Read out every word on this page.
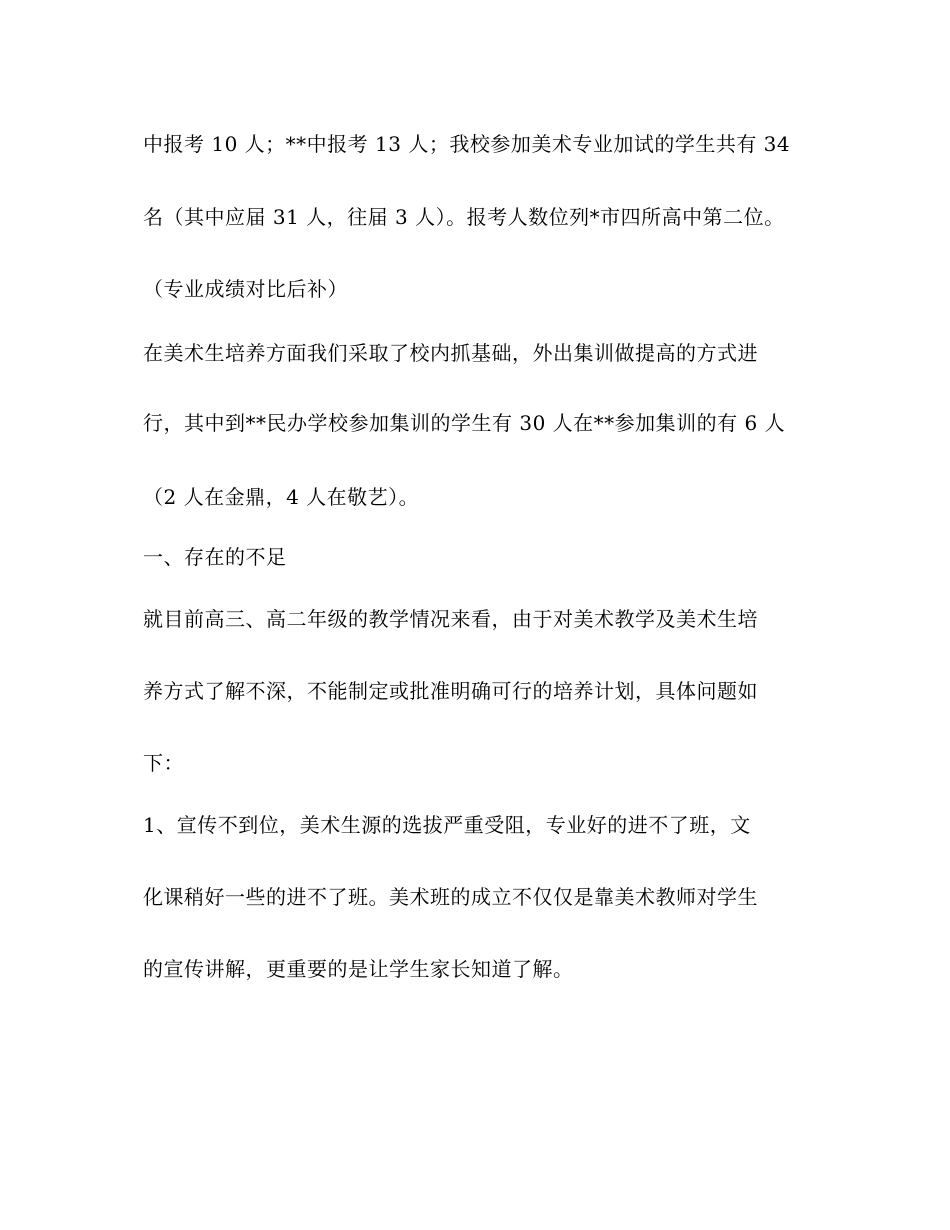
中报考 10 人；**中报考 13 人；我校参加美术专业加试的学生共有 34
名（其中应届 31 人，往届 3 人）。报考人数位列*市四所高中第二位。
（专业成绩对比后补）
在美术生培养方面我们采取了校内抓基础，外出集训做提高的方式进
行，其中到**民办学校参加集训的学生有 30 人在**参加集训的有 6 人
（2 人在金鼎，4 人在敬艺）。
一、存在的不足
就目前高三、高二年级的教学情况来看，由于对美术教学及美术生培
养方式了解不深，不能制定或批准明确可行的培养计划，具体问题如
下：
1、宣传不到位，美术生源的选拔严重受阻，专业好的进不了班，文
化课稍好一些的进不了班。美术班的成立不仅仅是靠美术教师对学生
的宣传讲解，更重要的是让学生家长知道了解。
